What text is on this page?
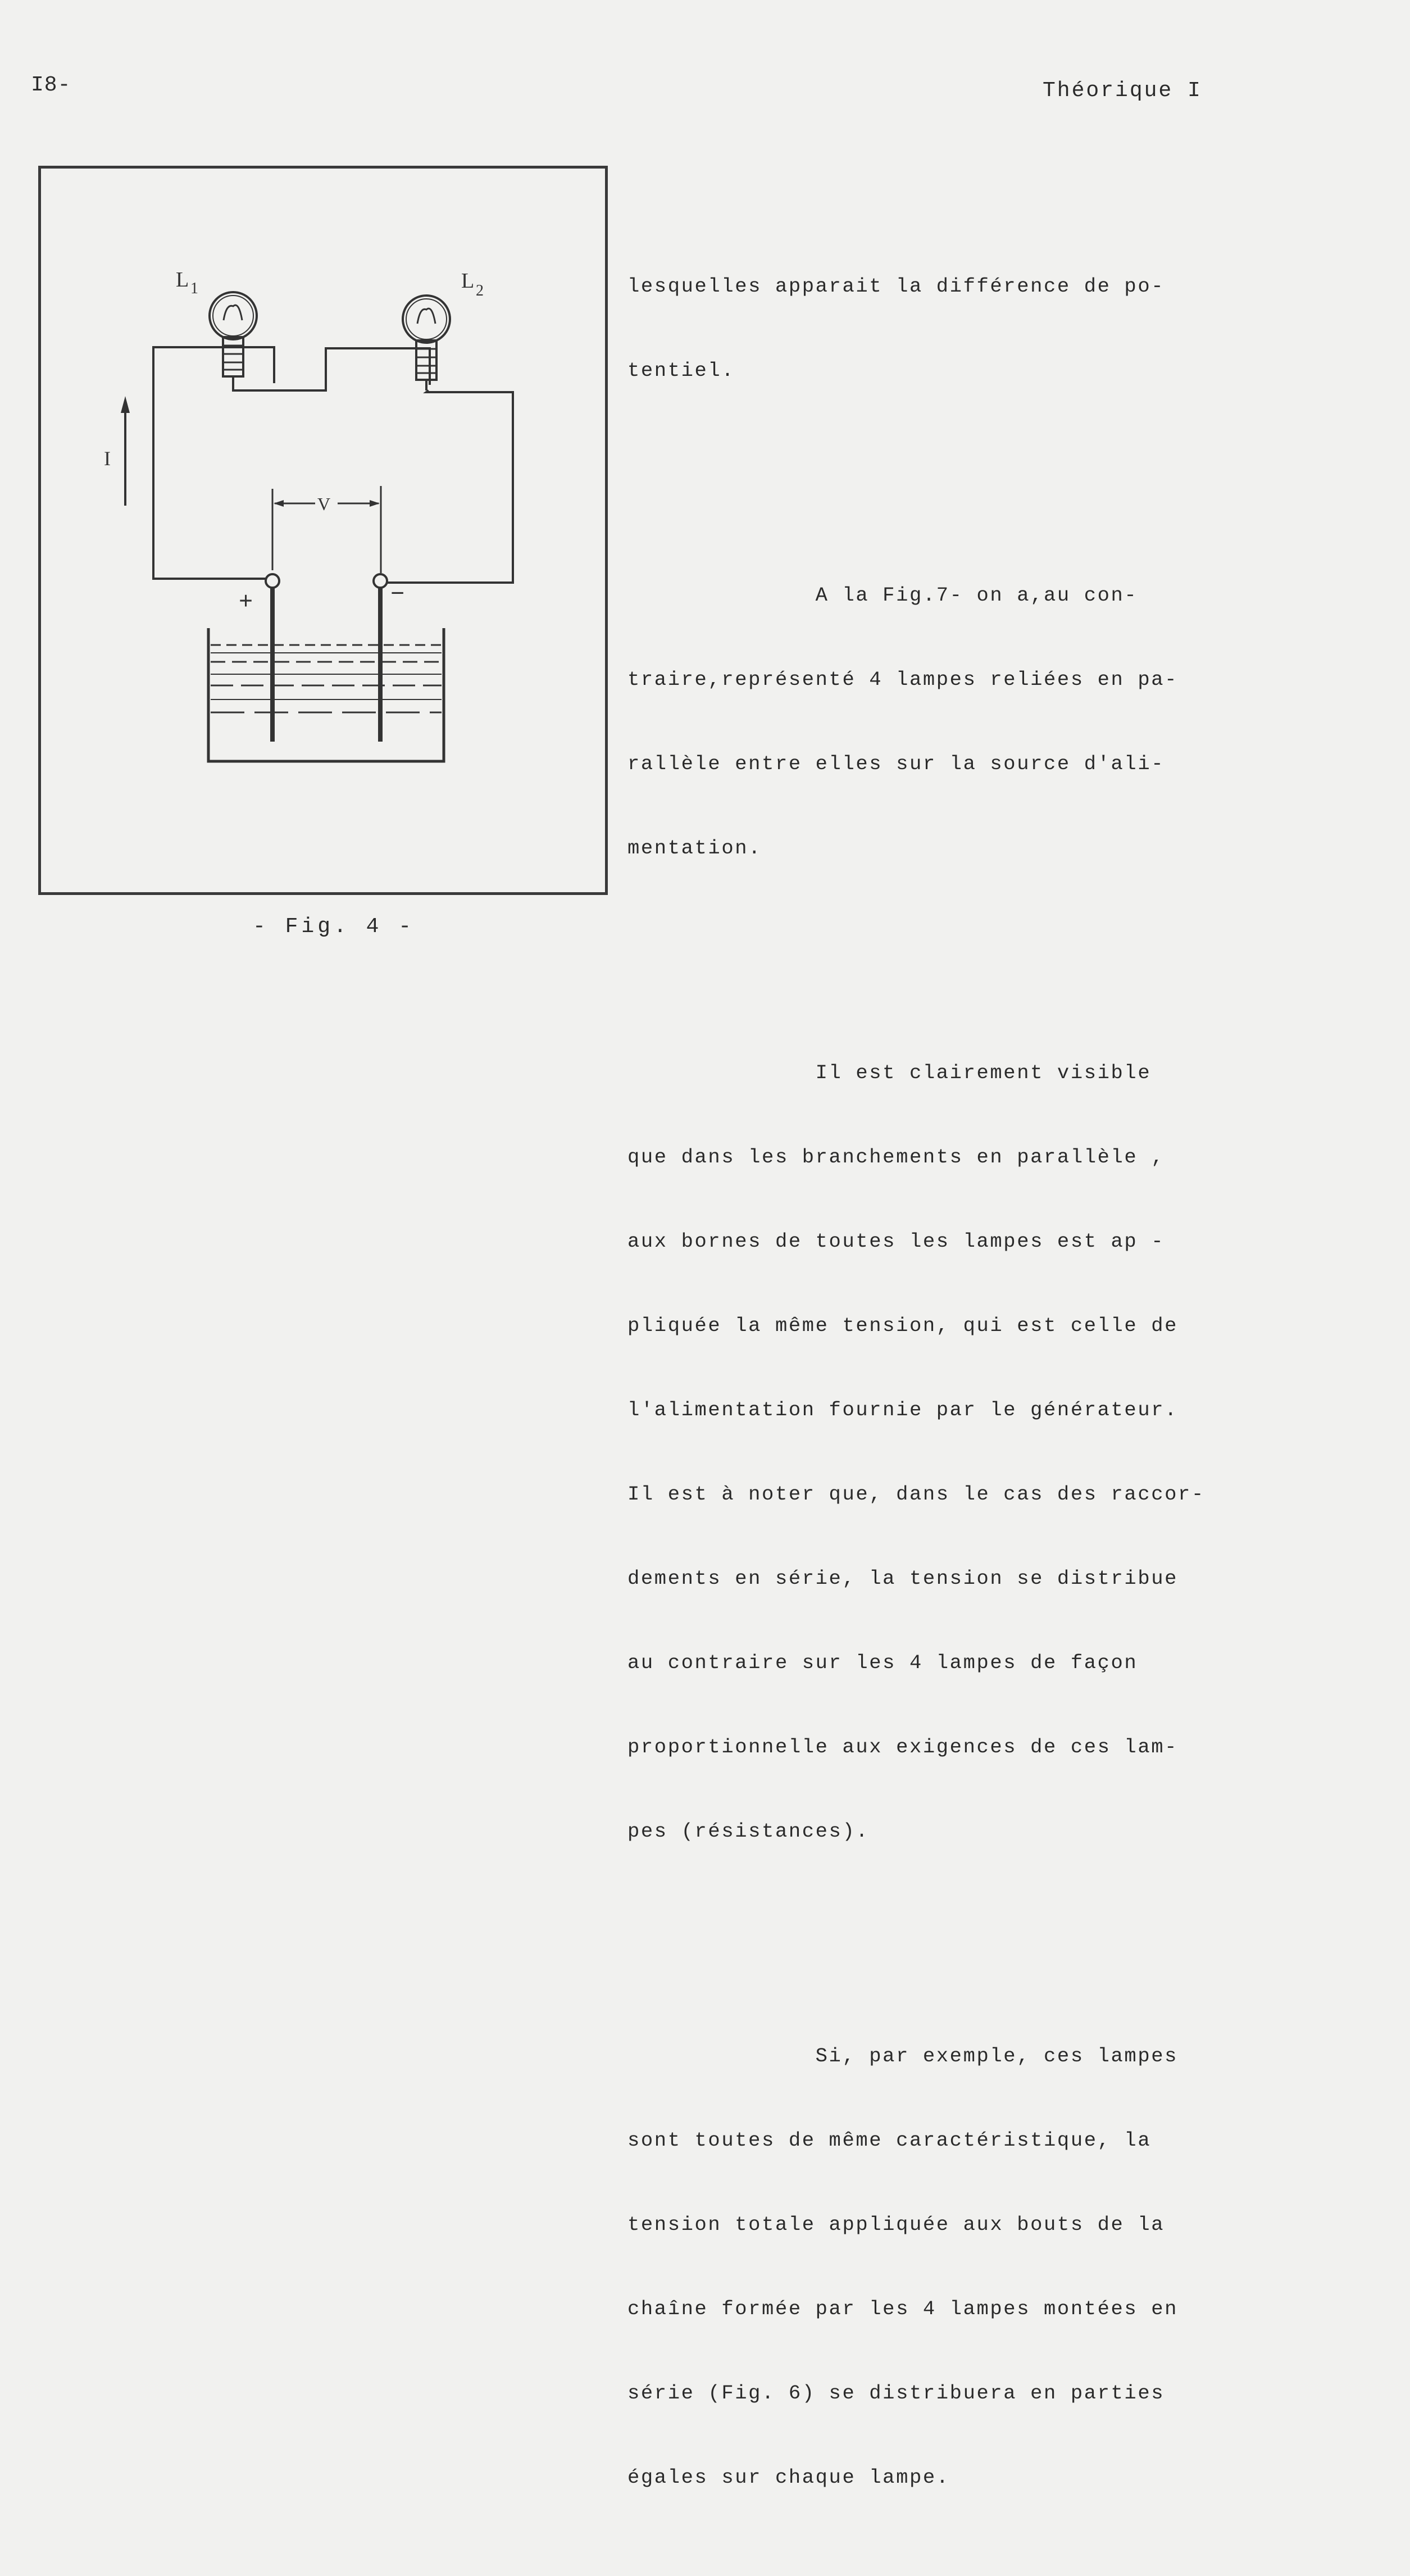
I8-	Théorique I
L 1	L 2
I
V
+	−
- Fig. 4 -

lesquelles apparait la différence de po-

tentiel.

A la Fig.7- on a,au con-

traire,représenté 4 lampes reliées en pa-

rallèle entre elles sur la source d'ali-

mentation.

Il est clairement visible

que dans les branchements en parallèle ,

aux bornes de toutes les lampes est ap -

pliquée la même tension, qui est celle de

l'alimentation fournie par le générateur.

Il est à noter que, dans le cas des raccor-

dements en série, la tension se distribue

au contraire sur les 4 lampes de façon

proportionnelle aux exigences de ces lam-

pes (résistances).

Si, par exemple, ces lampes

sont toutes de même caractéristique, la

tension totale appliquée aux bouts de la

chaîne formée par les 4 lampes montées en

série (Fig. 6) se distribuera en parties

égales sur chaque lampe.
